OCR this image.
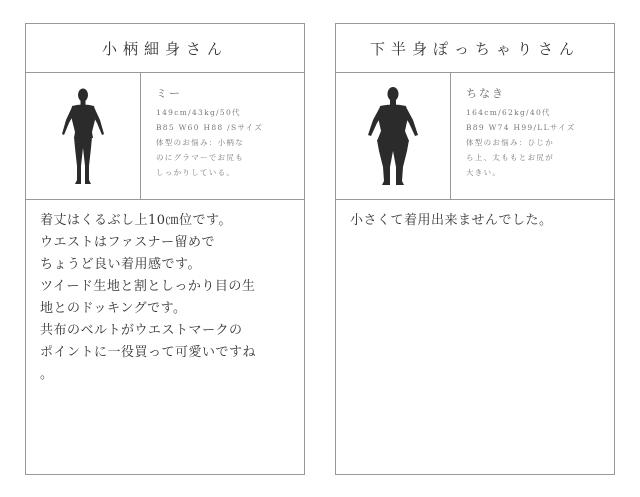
小柄細身さん
ミー
149cm/43kg/50代
B85 W60 H88 /Sサイズ
体型のお悩み：小柄な
のにグラマーでお尻も
しっかりしている。
着丈はくるぶし上10㎝位です。
ウエストはファスナー留めで
ちょうど良い着用感です。
ツイード生地と割としっかり目の生
地とのドッキングです。
共布のベルトがウエストマークの
ポイントに一役買って可愛いですね
。
下半身ぽっちゃりさん
ちなき
164cm/62kg/40代
B89 W74 H99/LLサイズ
体型のお悩み：ひじか
ら上、太ももとお尻が
大きい。
小さくて着用出来ませんでした。
